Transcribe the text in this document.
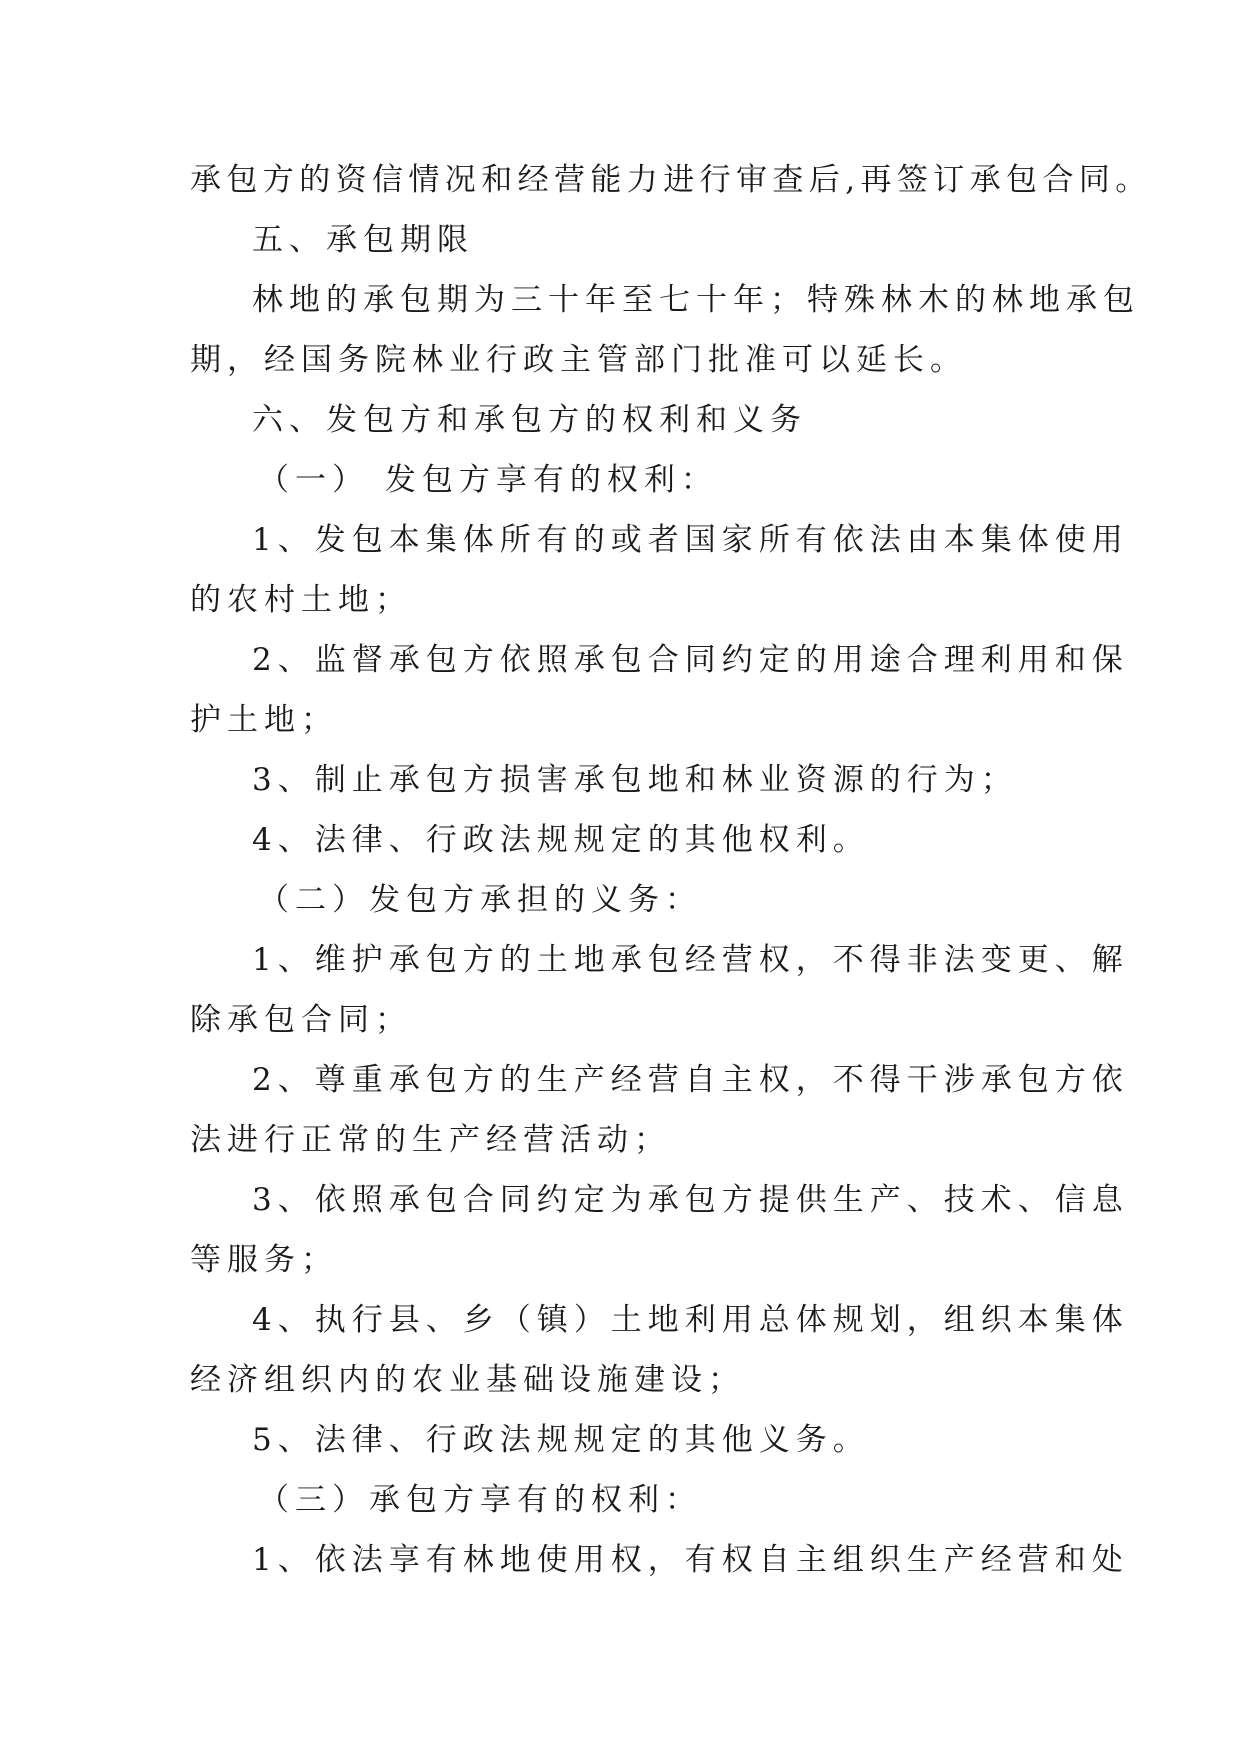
承包方的资信情况和经营能力进行审查后,再签订承包合同。
五、承包期限
林地的承包期为三十年至七十年；特殊林木的林地承包
期，经国务院林业行政主管部门批准可以延长。
六、发包方和承包方的权利和义务
（一） 发包方享有的权利：
1、发包本集体所有的或者国家所有依法由本集体使用
的农村土地；
2、监督承包方依照承包合同约定的用途合理利用和保
护土地；
3、制止承包方损害承包地和林业资源的行为；
4、法律、行政法规规定的其他权利。
（二）发包方承担的义务：
1、维护承包方的土地承包经营权，不得非法变更、解
除承包合同；
2、尊重承包方的生产经营自主权，不得干涉承包方依
法进行正常的生产经营活动；
3、依照承包合同约定为承包方提供生产、技术、信息
等服务；
4、执行县、乡（镇）土地利用总体规划，组织本集体
经济组织内的农业基础设施建设；
5、法律、行政法规规定的其他义务。
（三）承包方享有的权利：
1、依法享有林地使用权，有权自主组织生产经营和处
